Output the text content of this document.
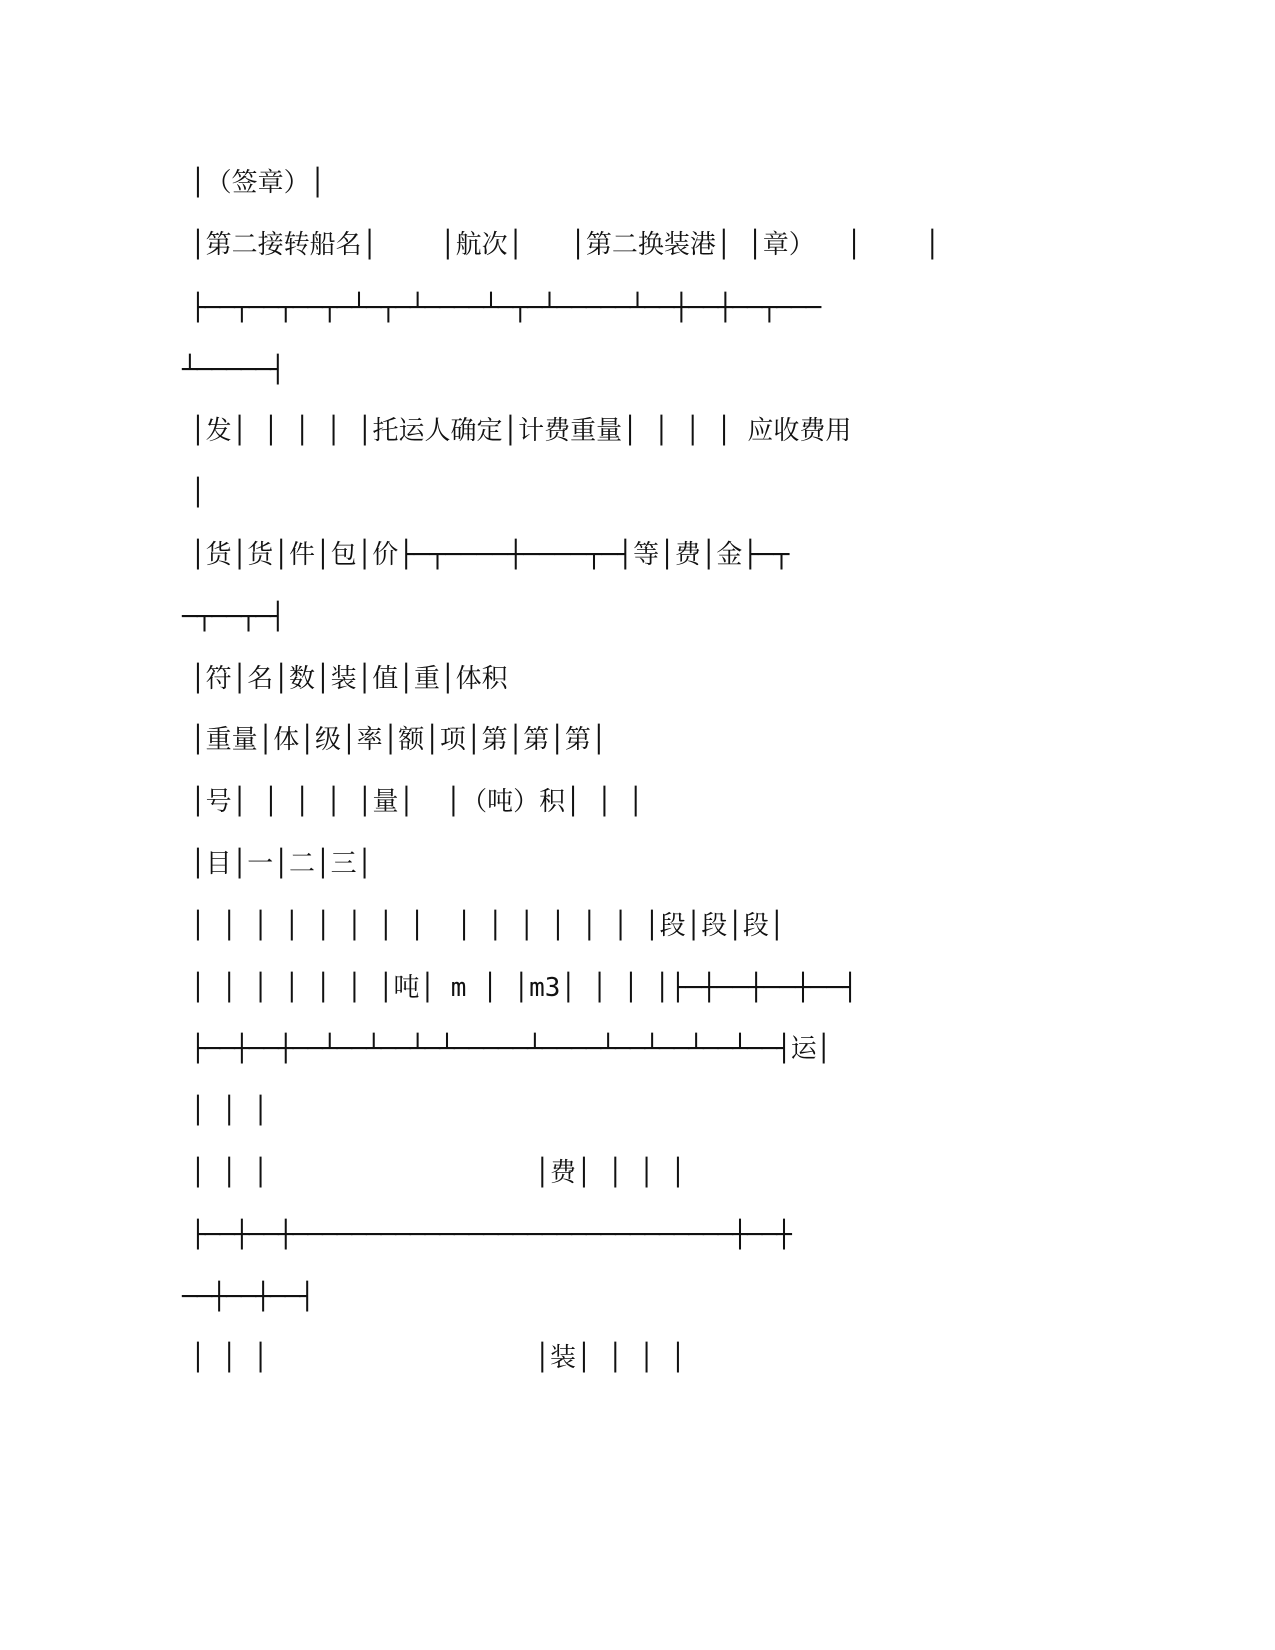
│（签章）│

│第二接转船名│    │航次│   │第二换装港│ │章）  │    │

├──┬──┬──┬─┴─┬─┴────┴─┬─┴─────┴──┼──┼──┬───

┴─────┤

│发│ │ │ │ │托运人确定│计费重量│ │ │ │ 应收费用

│

│货│货│件│包│价├─┬────┼────┬─┤等│费│金├─┬

─┬──┬─┤

│符│名│数│装│值│重│体积

│重量│体│级│率│额│项│第│第│第│

│号│ │ │ │ │量│  │（吨）积│ │ │

│目│一│二│三│

│ │ │ │ │ │ │ │  │ │ │ │ │ │ │段│段│段│

│ │ │ │ │ │ │吨│ m │ │m3│ │ │ │├─┼──┼──┼──┤

├──┼──┼──┴──┴──┴─┴─────┴────┴──┴──┴──┴──┤运│

│ │ │

│ │ │                 │费│ │ │ │

├──┼──┼──────────────────────────────┼──┼

──┼──┼──┤

│ │ │                 │装│ │ │ │
